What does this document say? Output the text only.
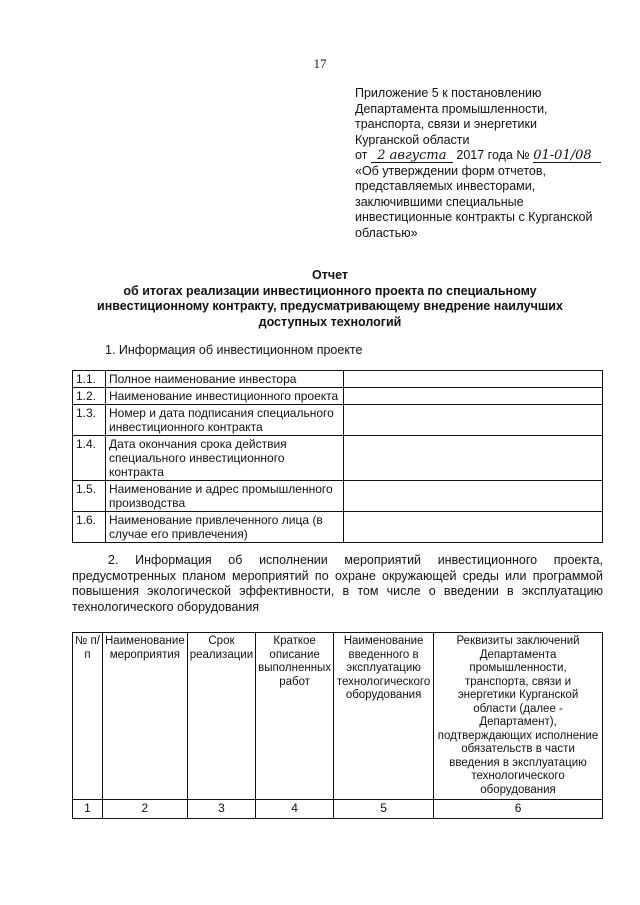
17
Приложение 5 к постановлению
Департамента промышленности,
транспорта, связи и энергетики
Курганской области
от 2 августа 2017 года № 01-01/08
«Об утверждении форм отчетов,
представляемых инвесторами,
заключившими специальные
инвестиционные контракты с Курганской
областью»
Отчет
об итогах реализации инвестиционного проекта по специальному
инвестиционному контракту, предусматривающему внедрение наилучших
доступных технологий
1. Информация об инвестиционном проекте
1.1.	Полное наименование инвестора	
1.2.	Наименование инвестиционного проекта	
1.3.	Номер и дата подписания специального инвестиционного контракта	
1.4.	Дата окончания срока действия специального инвестиционного контракта	
1.5.	Наименование и адрес промышленного производства	
1.6.	Наименование привлеченного лица (в случае его привлечения)	

2. Информация об исполнении мероприятий инвестиционного проекта, предусмотренных планом мероприятий по охране окружающей среды или программой повышения экологической эффективности, в том числе о введении в эксплуатацию технологического оборудования

№ п/п	Наименование мероприятия	Срок реализации	Краткое описание выполненных работ	Наименование введенного в эксплуатацию технологического оборудования	Реквизиты заключений Департамента промышленности, транспорта, связи и энергетики Курганской области (далее - Департамент), подтверждающих исполнение обязательств в части введения в эксплуатацию технологического оборудования
1	2	3	4	5	6
